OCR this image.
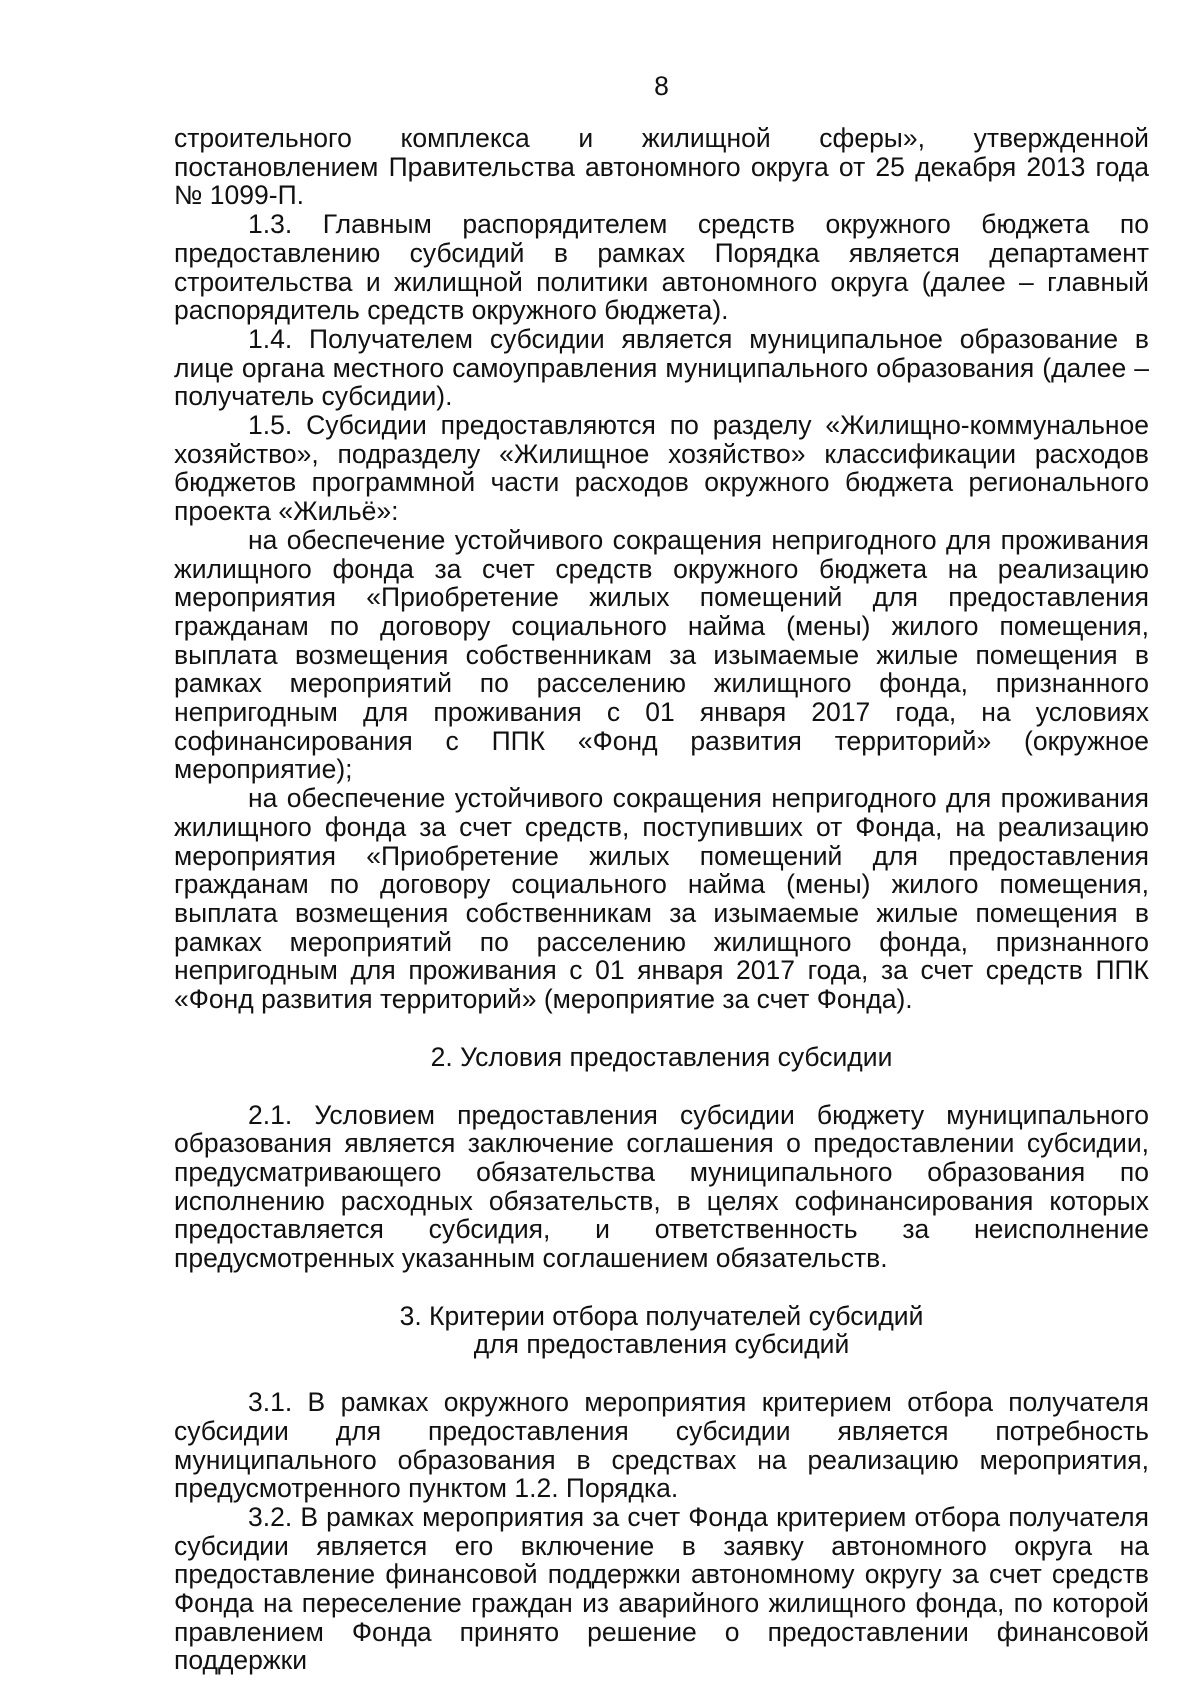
8

строительного комплекса и жилищной сферы», утвержденной постановлением Правительства автономного округа от 25 декабря 2013 года № 1099-П.

1.3. Главным распорядителем средств окружного бюджета по предоставлению субсидий в рамках Порядка является департамент строительства и жилищной политики автономного округа (далее – главный распорядитель средств окружного бюджета).

1.4. Получателем субсидии является муниципальное образование в лице органа местного самоуправления муниципального образования (далее – получатель субсидии).

1.5. Субсидии предоставляются по разделу «Жилищно-коммунальное хозяйство», подразделу «Жилищное хозяйство» классификации расходов бюджетов программной части расходов окружного бюджета регионального проекта «Жильё»:

на обеспечение устойчивого сокращения непригодного для проживания жилищного фонда за счет средств окружного бюджета на реализацию мероприятия «Приобретение жилых помещений для предоставления гражданам по договору социального найма (мены) жилого помещения, выплата возмещения собственникам за изымаемые жилые помещения в рамках мероприятий по расселению жилищного фонда, признанного непригодным для проживания с 01 января 2017 года, на условиях софинансирования с ППК «Фонд развития территорий» (окружное мероприятие);

на обеспечение устойчивого сокращения непригодного для проживания жилищного фонда за счет средств, поступивших от Фонда, на реализацию мероприятия «Приобретение жилых помещений для предоставления гражданам по договору социального найма (мены) жилого помещения, выплата возмещения собственникам за изымаемые жилые помещения в рамках мероприятий по расселению жилищного фонда, признанного непригодным для проживания с 01 января 2017 года, за счет средств ППК «Фонд развития территорий» (мероприятие за счет Фонда).

2. Условия предоставления субсидии

2.1. Условием предоставления субсидии бюджету муниципального образования является заключение соглашения о предоставлении субсидии, предусматривающего обязательства муниципального образования по исполнению расходных обязательств, в целях софинансирования которых предоставляется субсидия, и ответственность за неисполнение предусмотренных указанным соглашением обязательств.

3. Критерии отбора получателей субсидий

для предоставления субсидий

3.1. В рамках окружного мероприятия критерием отбора получателя субсидии для предоставления субсидии является потребность муниципального образования в средствах на реализацию мероприятия, предусмотренного пунктом 1.2. Порядка.

3.2. В рамках мероприятия за счет Фонда критерием отбора получателя субсидии является его включение в заявку автономного округа на предоставление финансовой поддержки автономному округу за счет средств Фонда на переселение граждан из аварийного жилищного фонда, по которой правлением Фонда принято решение о предоставлении финансовой поддержки
